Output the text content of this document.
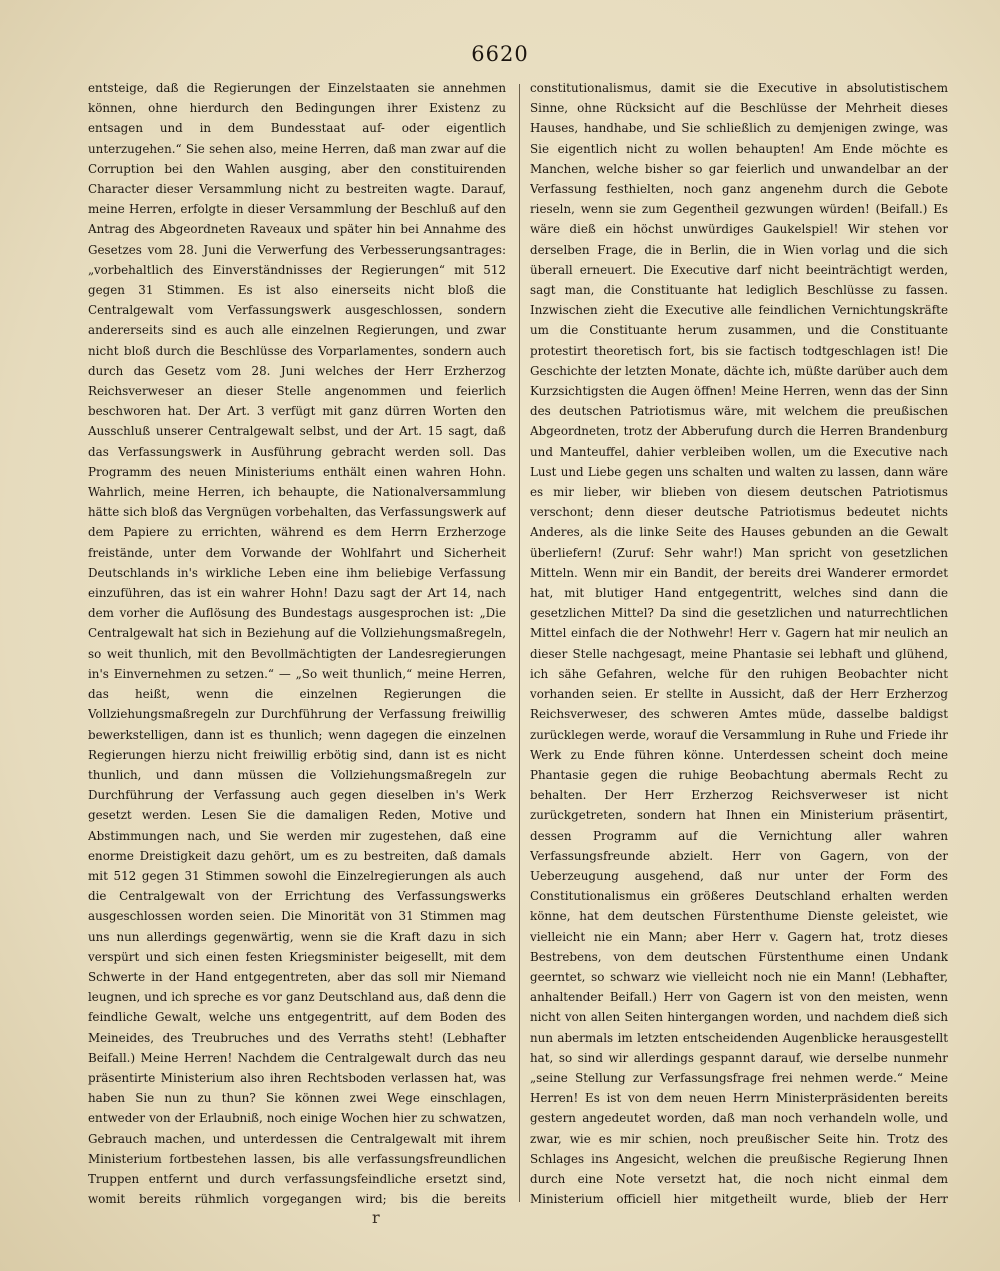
6620

entsteige, daß die Regierungen der Einzelstaaten sie annehmen können, ohne hierdurch den Bedingungen ihrer Existenz zu entsagen und in dem Bundesstaat auf- oder eigentlich unterzugehen.“ Sie sehen also, meine Herren, daß man zwar auf die Corruption bei den Wahlen ausging, aber den constituirenden Character dieser Versammlung nicht zu bestreiten wagte. Darauf, meine Herren, erfolgte in dieser Versammlung der Beschluß auf den Antrag des Abgeordneten Raveaux und später hin bei Annahme des Gesetzes vom 28. Juni die Verwerfung des Verbesserungsantrages: „vorbehaltlich des Einverständnisses der Regierungen“ mit 512 gegen 31 Stimmen. Es ist also einerseits nicht bloß die Centralgewalt vom Verfassungswerk ausgeschlossen, sondern andererseits sind es auch alle einzelnen Regierungen, und zwar nicht bloß durch die Beschlüsse des Vorparlamentes, sondern auch durch das Gesetz vom 28. Juni welches der Herr Erzherzog Reichsverweser an dieser Stelle angenommen und feierlich beschworen hat. Der Art. 3 verfügt mit ganz dürren Worten den Ausschluß unserer Centralgewalt selbst, und der Art. 15 sagt, daß das Verfassungswerk in Ausführung gebracht werden soll. Das Programm des neuen Ministeriums enthält einen wahren Hohn. Wahrlich, meine Herren, ich behaupte, die Nationalversammlung hätte sich bloß das Vergnügen vorbehalten, das Verfassungswerk auf dem Papiere zu errichten, während es dem Herrn Erzherzoge freistände, unter dem Vorwande der Wohlfahrt und Sicherheit Deutschlands in's wirkliche Leben eine ihm beliebige Verfassung einzuführen, das ist ein wahrer Hohn! Dazu sagt der Art 14, nach dem vorher die Auflösung des Bundestags ausgesprochen ist: „Die Centralgewalt hat sich in Beziehung auf die Vollziehungsmaßregeln, so weit thunlich, mit den Bevollmächtigten der Landesregierungen in's Einvernehmen zu setzen.“ — „So weit thunlich,“ meine Herren, das heißt, wenn die einzelnen Regierungen die Vollziehungsmaßregeln zur Durchführung der Verfassung freiwillig bewerkstelligen, dann ist es thunlich; wenn dagegen die einzelnen Regierungen hierzu nicht freiwillig erbötig sind, dann ist es nicht thunlich, und dann müssen die Vollziehungsmaßregeln zur Durchführung der Verfassung auch gegen dieselben in's Werk gesetzt werden. Lesen Sie die damaligen Reden, Motive und Abstimmungen nach, und Sie werden mir zugestehen, daß eine enorme Dreistigkeit dazu gehört, um es zu bestreiten, daß damals mit 512 gegen 31 Stimmen sowohl die Einzelregierungen als auch die Centralgewalt von der Errichtung des Verfassungswerks ausgeschlossen worden seien. Die Minorität von 31 Stimmen mag uns nun allerdings gegenwärtig, wenn sie die Kraft dazu in sich verspürt und sich einen festen Kriegsminister beigesellt, mit dem Schwerte in der Hand entgegentreten, aber das soll mir Niemand leugnen, und ich spreche es vor ganz Deutschland aus, daß denn die feindliche Gewalt, welche uns entgegentritt, auf dem Boden des Meineides, des Treubruches und des Verraths steht! (Lebhafter Beifall.) Meine Herren! Nachdem die Centralgewalt durch das neu präsentirte Ministerium also ihren Rechtsboden verlassen hat, was haben Sie nun zu thun? Sie können zwei Wege einschlagen, entweder von der Erlaubniß, noch einige Wochen hier zu schwatzen, Gebrauch machen, und unterdessen die Centralgewalt mit ihrem Ministerium fortbestehen lassen, bis alle verfassungsfreundlichen Truppen entfernt und durch verfassungsfeindliche ersetzt sind, womit bereits rühmlich vorgegangen wird; bis die bereits

constitutionalismus, damit sie die Executive in absolutistischem Sinne, ohne Rücksicht auf die Beschlüsse der Mehrheit dieses Hauses, handhabe, und Sie schließlich zu demjenigen zwinge, was Sie eigentlich nicht zu wollen behaupten! Am Ende möchte es Manchen, welche bisher so gar feierlich und unwandelbar an der Verfassung festhielten, noch ganz angenehm durch die Gebote rieseln, wenn sie zum Gegentheil gezwungen würden! (Beifall.) Es wäre dieß ein höchst unwürdiges Gaukelspiel! Wir stehen vor derselben Frage, die in Berlin, die in Wien vorlag und die sich überall erneuert. Die Executive darf nicht beeinträchtigt werden, sagt man, die Constituante hat lediglich Beschlüsse zu fassen. Inzwischen zieht die Executive alle feindlichen Vernichtungskräfte um die Constituante herum zusammen, und die Constituante protestirt theoretisch fort, bis sie factisch todtgeschlagen ist! Die Geschichte der letzten Monate, dächte ich, müßte darüber auch dem Kurzsichtigsten die Augen öffnen! Meine Herren, wenn das der Sinn des deutschen Patriotismus wäre, mit welchem die preußischen Abgeordneten, trotz der Abberufung durch die Herren Brandenburg und Manteuffel, dahier verbleiben wollen, um die Executive nach Lust und Liebe gegen uns schalten und walten zu lassen, dann wäre es mir lieber, wir blieben von diesem deutschen Patriotismus verschont; denn dieser deutsche Patriotismus bedeutet nichts Anderes, als die linke Seite des Hauses gebunden an die Gewalt überliefern! (Zuruf: Sehr wahr!) Man spricht von gesetzlichen Mitteln. Wenn mir ein Bandit, der bereits drei Wanderer ermordet hat, mit blutiger Hand entgegentritt, welches sind dann die gesetzlichen Mittel? Da sind die gesetzlichen und naturrechtlichen Mittel einfach die der Nothwehr! Herr v. Gagern hat mir neulich an dieser Stelle nachgesagt, meine Phantasie sei lebhaft und glühend, ich sähe Gefahren, welche für den ruhigen Beobachter nicht vorhanden seien. Er stellte in Aussicht, daß der Herr Erzherzog Reichsverweser, des schweren Amtes müde, dasselbe baldigst zurücklegen werde, worauf die Versammlung in Ruhe und Friede ihr Werk zu Ende führen könne. Unterdessen scheint doch meine Phantasie gegen die ruhige Beobachtung abermals Recht zu behalten. Der Herr Erzherzog Reichsverweser ist nicht zurückgetreten, sondern hat Ihnen ein Ministerium präsentirt, dessen Programm auf die Vernichtung aller wahren Verfassungsfreunde abzielt. Herr von Gagern, von der Ueberzeugung ausgehend, daß nur unter der Form des Constitutionalismus ein größeres Deutschland erhalten werden könne, hat dem deutschen Fürstenthume Dienste geleistet, wie vielleicht nie ein Mann; aber Herr v. Gagern hat, trotz dieses Bestrebens, von dem deutschen Fürstenthume einen Undank geerntet, so schwarz wie vielleicht noch nie ein Mann! (Lebhafter, anhaltender Beifall.) Herr von Gagern ist von den meisten, wenn nicht von allen Seiten hintergangen worden, und nachdem dieß sich nun abermals im letzten entscheidenden Augenblicke herausgestellt hat, so sind wir allerdings gespannt darauf, wie derselbe nunmehr „seine Stellung zur Verfassungsfrage frei nehmen werde.“ Meine Herren! Es ist von dem neuen Herrn Ministerpräsidenten bereits gestern angedeutet worden, daß man noch verhandeln wolle, und zwar, wie es mir schien, noch preußischer Seite hin. Trotz des Schlages ins Angesicht, welchen die preußische Regierung Ihnen durch eine Note versetzt hat, die noch nicht einmal dem Ministerium officiell hier mitgetheilt wurde, blieb der Herr

r
